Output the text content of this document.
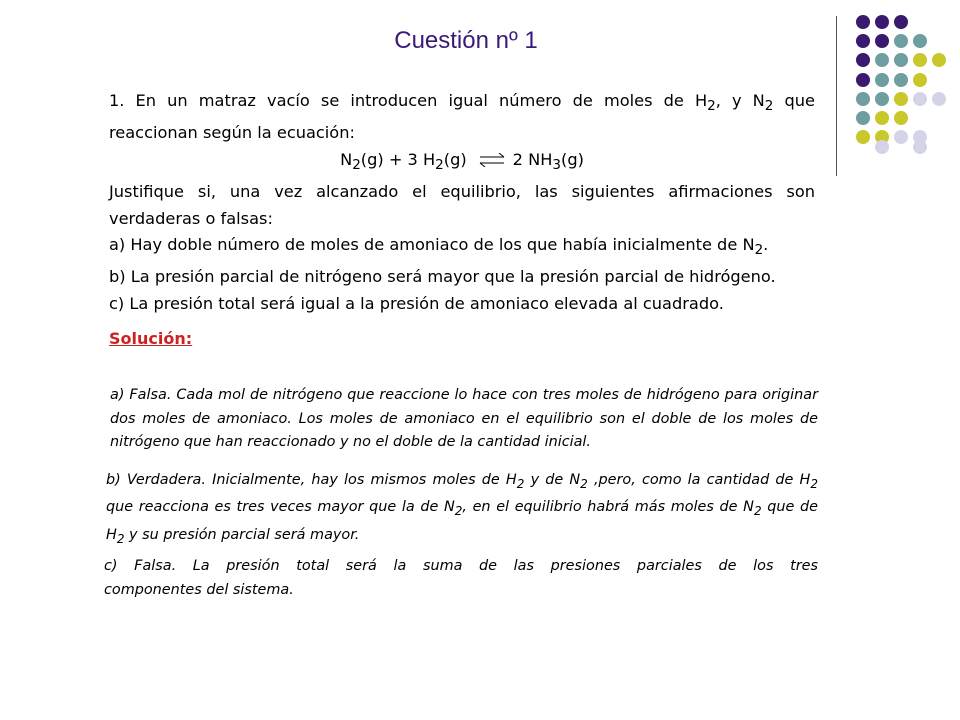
Cuestión nº 1

1. En un matraz vacío se introducen igual número de moles de $H_2$, y $N_2$ que reaccionan según la ecuación:

$N_2(g) + 3$ $H_2(g)$ ⇌ 2 $NH_3(g)$

Justifique si, una vez alcanzado el equilibrio, las siguientes afirmaciones son verdaderas o falsas:

a) Hay doble número de moles de amoniaco de los que había inicialmente de $N_2$.

b) La presión parcial de nitrógeno será mayor que la presión parcial de hidrógeno.

c) La presión total será igual a la presión de amoniaco elevada al cuadrado.

Solución:

a) Falsa. Cada mol de nitrógeno que reaccione lo hace con tres moles de hidrógeno para originar dos moles de amoniaco. Los moles de amoniaco en el equilibrio son el doble de los moles de nitrógeno que han reaccionado y no el doble de la cantidad inicial.

b) Verdadera. Inicialmente, hay los mismos moles de $H_2$ y de $N_2$ ,pero, como la cantidad de $H_2$ que reacciona es tres veces mayor que la de $N_2$, en el equilibrio habrá más moles de $N_2$ que de $H_2$ y su presión parcial será mayor.

c) Falsa. La presión total será la suma de las presiones parciales de los tres

componentes del sistema.
